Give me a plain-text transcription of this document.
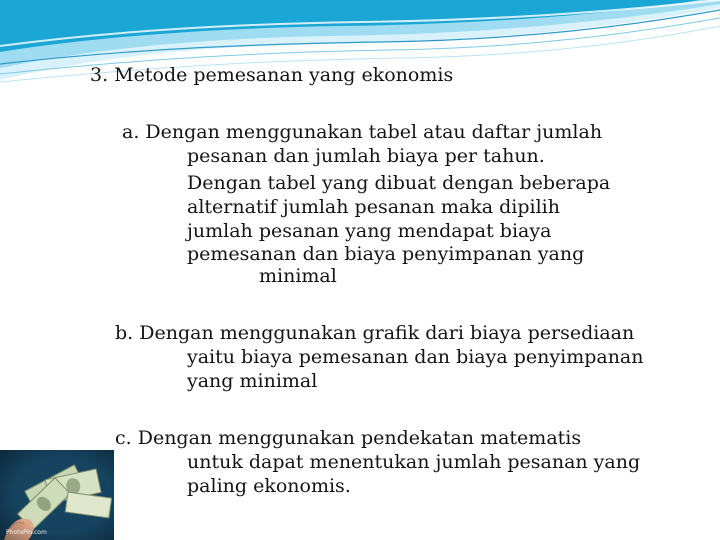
3. Metode pemesanan yang ekonomis
a. Dengan menggunakan tabel atau daftar jumlah
pesanan dan jumlah biaya per tahun.
Dengan tabel yang dibuat dengan beberapa
alternatif jumlah pesanan maka dipilih
jumlah pesanan yang mendapat biaya
pemesanan dan biaya penyimpanan yang
minimal
b. Dengan menggunakan grafik dari biaya persediaan
yaitu biaya pemesanan dan biaya penyimpanan
yang minimal
c. Dengan menggunakan pendekatan matematis
untuk dapat menentukan jumlah pesanan yang
paling ekonomis.
PhotoPin.com
